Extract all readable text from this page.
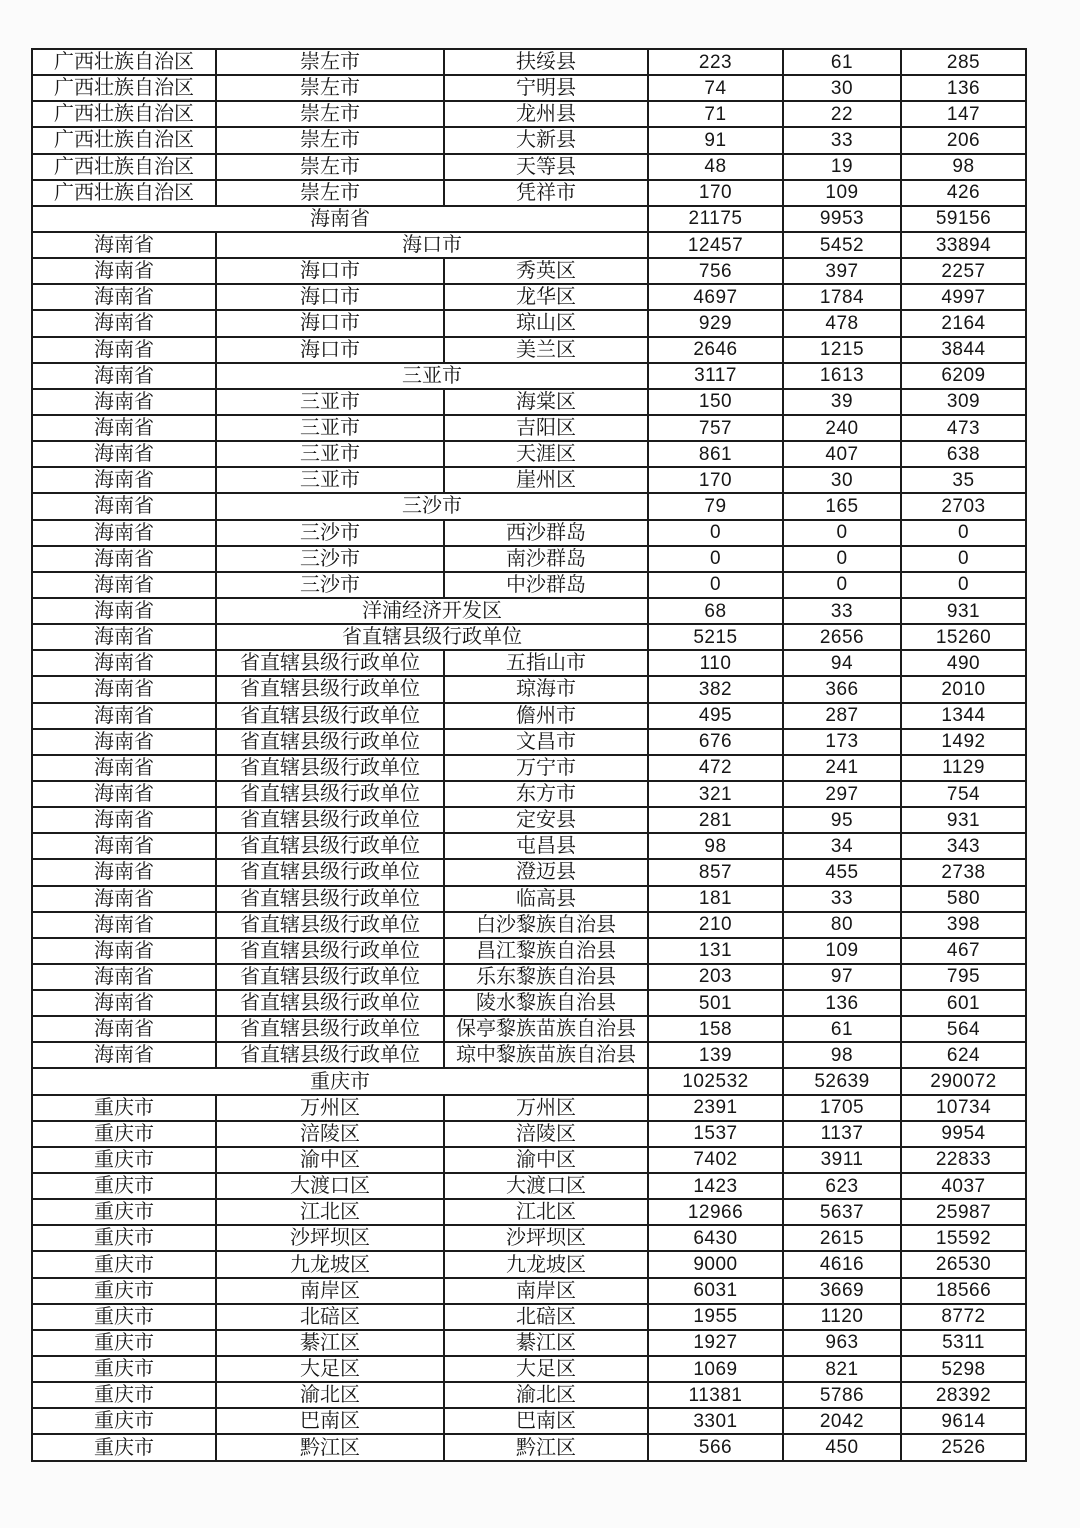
广西壮族自治区	崇左市	扶绥县	223	61	285
广西壮族自治区	崇左市	宁明县	74	30	136
广西壮族自治区	崇左市	龙州县	71	22	147
广西壮族自治区	崇左市	大新县	91	33	206
广西壮族自治区	崇左市	天等县	48	19	98
广西壮族自治区	崇左市	凭祥市	170	109	426
海南省			21175	9953	59156
海南省	海口市		12457	5452	33894
海南省	海口市	秀英区	756	397	2257
海南省	海口市	龙华区	4697	1784	4997
海南省	海口市	琼山区	929	478	2164
海南省	海口市	美兰区	2646	1215	3844
海南省	三亚市		3117	1613	6209
海南省	三亚市	海棠区	150	39	309
海南省	三亚市	吉阳区	757	240	473
海南省	三亚市	天涯区	861	407	638
海南省	三亚市	崖州区	170	30	35
海南省	三沙市		79	165	2703
海南省	三沙市	西沙群岛	0	0	0
海南省	三沙市	南沙群岛	0	0	0
海南省	三沙市	中沙群岛	0	0	0
海南省	洋浦经济开发区		68	33	931
海南省	省直辖县级行政单位		5215	2656	15260
海南省	省直辖县级行政单位	五指山市	110	94	490
海南省	省直辖县级行政单位	琼海市	382	366	2010
海南省	省直辖县级行政单位	儋州市	495	287	1344
海南省	省直辖县级行政单位	文昌市	676	173	1492
海南省	省直辖县级行政单位	万宁市	472	241	1129
海南省	省直辖县级行政单位	东方市	321	297	754
海南省	省直辖县级行政单位	定安县	281	95	931
海南省	省直辖县级行政单位	屯昌县	98	34	343
海南省	省直辖县级行政单位	澄迈县	857	455	2738
海南省	省直辖县级行政单位	临高县	181	33	580
海南省	省直辖县级行政单位	白沙黎族自治县	210	80	398
海南省	省直辖县级行政单位	昌江黎族自治县	131	109	467
海南省	省直辖县级行政单位	乐东黎族自治县	203	97	795
海南省	省直辖县级行政单位	陵水黎族自治县	501	136	601
海南省	省直辖县级行政单位	保亭黎族苗族自治县	158	61	564
海南省	省直辖县级行政单位	琼中黎族苗族自治县	139	98	624
重庆市			102532	52639	290072
重庆市	万州区	万州区	2391	1705	10734
重庆市	涪陵区	涪陵区	1537	1137	9954
重庆市	渝中区	渝中区	7402	3911	22833
重庆市	大渡口区	大渡口区	1423	623	4037
重庆市	江北区	江北区	12966	5637	25987
重庆市	沙坪坝区	沙坪坝区	6430	2615	15592
重庆市	九龙坡区	九龙坡区	9000	4616	26530
重庆市	南岸区	南岸区	6031	3669	18566
重庆市	北碚区	北碚区	1955	1120	8772
重庆市	綦江区	綦江区	1927	963	5311
重庆市	大足区	大足区	1069	821	5298
重庆市	渝北区	渝北区	11381	5786	28392
重庆市	巴南区	巴南区	3301	2042	9614
重庆市	黔江区	黔江区	566	450	2526
